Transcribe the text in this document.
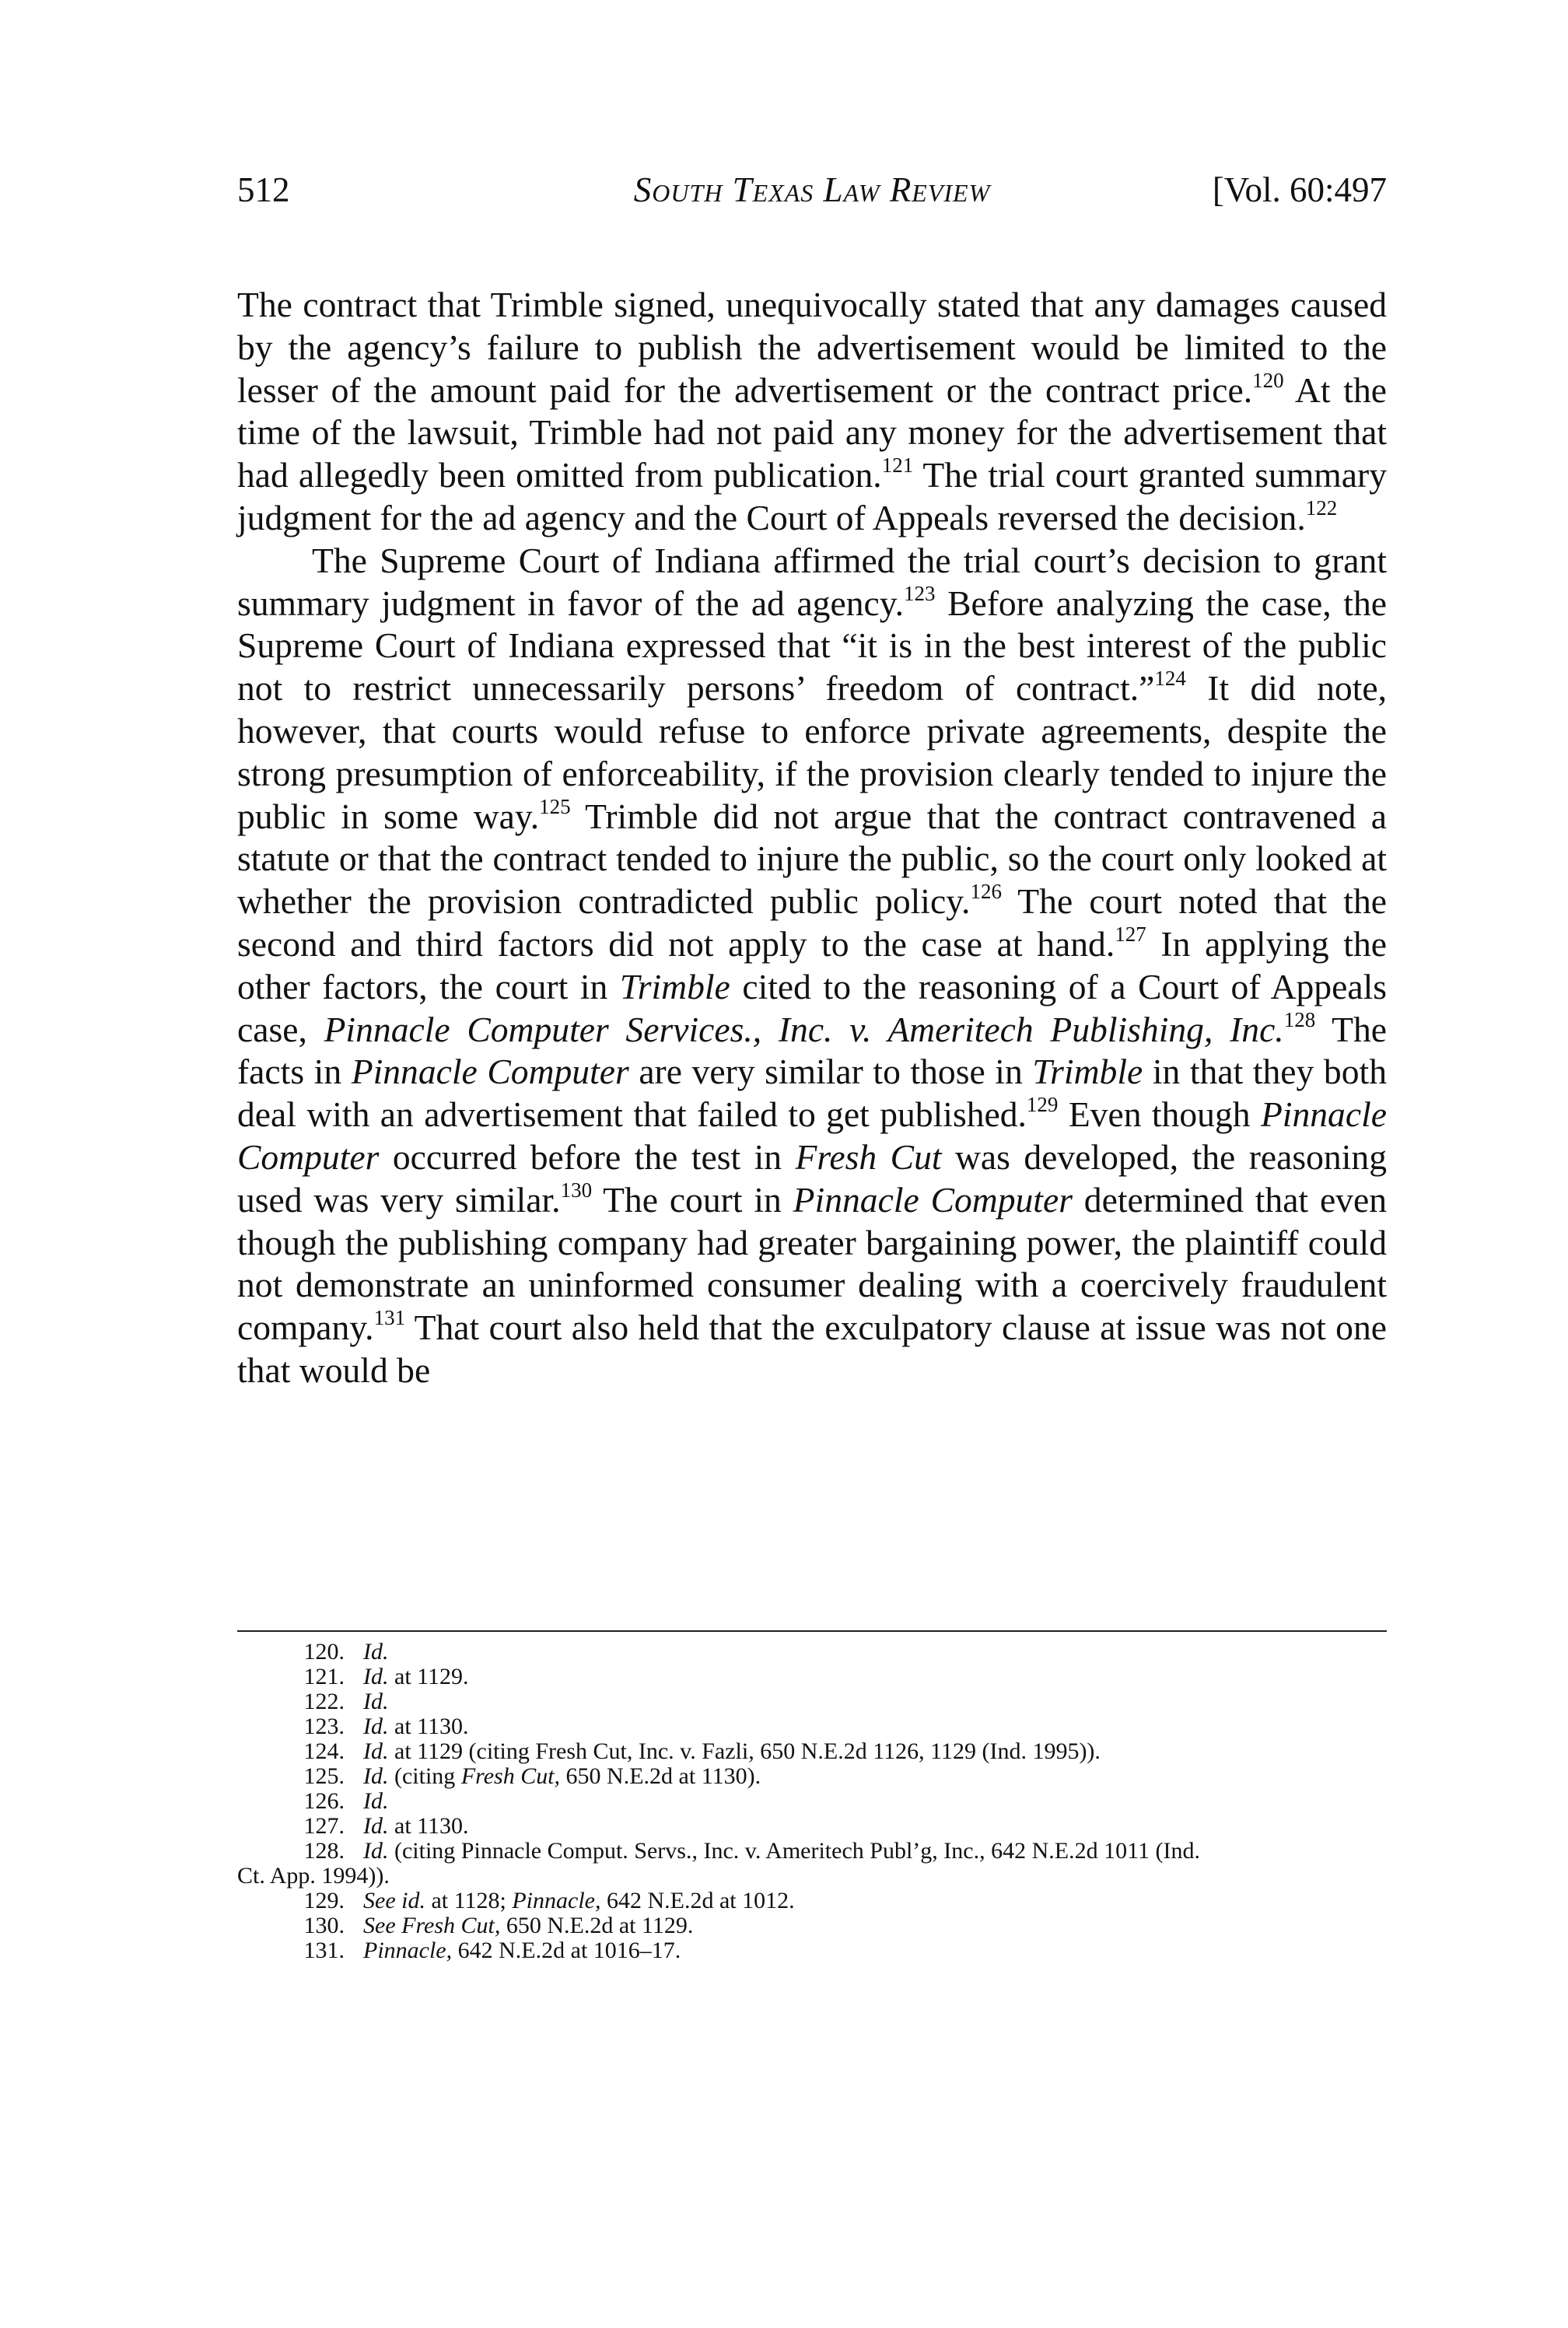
512	South Texas Law Review	[Vol. 60:497

The contract that Trimble signed, unequivocally stated that any damages caused by the agency’s failure to publish the advertisement would be limited to the lesser of the amount paid for the advertisement or the contract price.$^{120}$ At the time of the lawsuit, Trimble had not paid any money for the advertisement that had allegedly been omitted from publication.$^{121}$ The trial court granted summary judgment for the ad agency and the Court of Appeals reversed the decision.$^{122}$

The Supreme Court of Indiana affirmed the trial court’s decision to grant summary judgment in favor of the ad agency.$^{123}$ Before analyzing the case, the Supreme Court of Indiana expressed that “it is in the best interest of the public not to restrict unnecessarily persons’ freedom of contract.”$^{124}$ It did note, however, that courts would refuse to enforce private agreements, despite the strong presumption of enforceability, if the provision clearly tended to injure the public in some way.$^{125}$ Trimble did not argue that the contract contravened a statute or that the contract tended to injure the public, so the court only looked at whether the provision contradicted public policy.$^{126}$ The court noted that the second and third factors did not apply to the case at hand.$^{127}$ In applying the other factors, the court in Trimble cited to the reasoning of a Court of Appeals case, Pinnacle Computer Services., Inc. v. Ameritech Publishing, Inc.$^{128}$ The facts in Pinnacle Computer are very similar to those in Trimble in that they both deal with an advertisement that failed to get published.$^{129}$ Even though Pinnacle Computer occurred before the test in Fresh Cut was developed, the reasoning used was very similar.$^{130}$ The court in Pinnacle Computer determined that even though the publishing company had greater bargaining power, the plaintiff could not demonstrate an uninformed consumer dealing with a coercively fraudulent company.$^{131}$ That court also held that the exculpatory clause at issue was not one that would be

120. Id.
121. Id. at 1129.
122. Id.
123. Id. at 1130.
124. Id. at 1129 (citing Fresh Cut, Inc. v. Fazli, 650 N.E.2d 1126, 1129 (Ind. 1995)).
125. Id. (citing Fresh Cut, 650 N.E.2d at 1130).
126. Id.
127. Id. at 1130.
128. Id. (citing Pinnacle Comput. Servs., Inc. v. Ameritech Publ’g, Inc., 642 N.E.2d 1011 (Ind.
Ct. App. 1994)).
129. See id. at 1128; Pinnacle, 642 N.E.2d at 1012.
130. See Fresh Cut, 650 N.E.2d at 1129.
131. Pinnacle, 642 N.E.2d at 1016–17.
